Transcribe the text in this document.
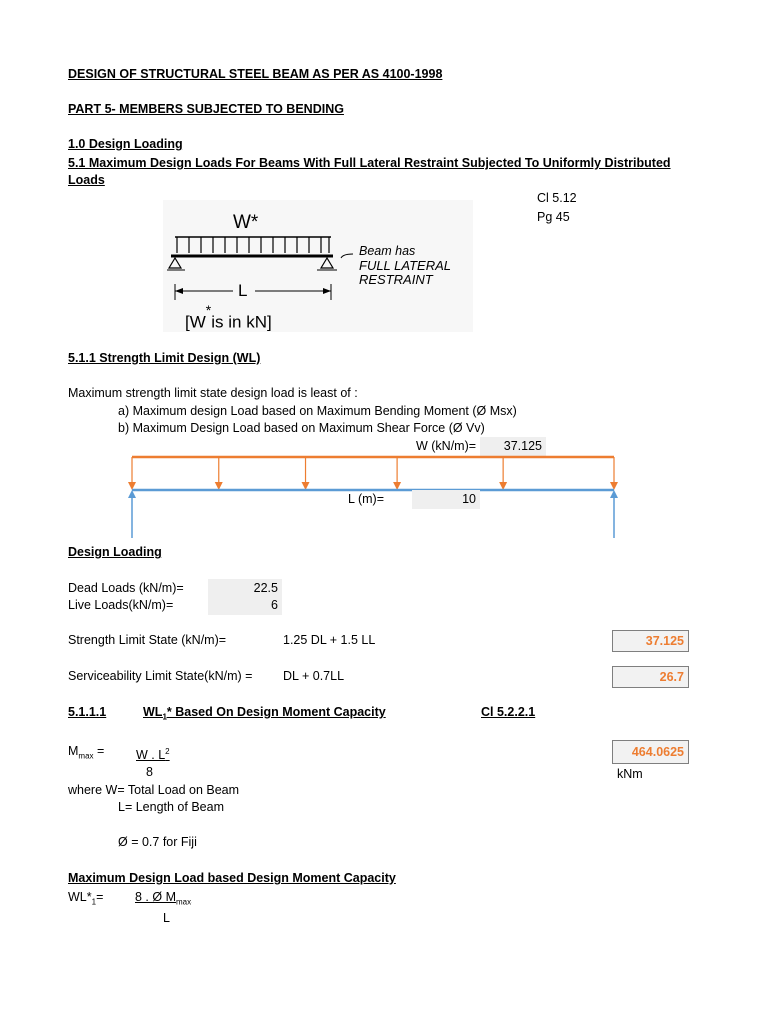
DESIGN OF STRUCTURAL STEEL BEAM AS PER AS 4100-1998
PART 5- MEMBERS SUBJECTED TO BENDING
1.0 Design Loading
5.1 Maximum Design Loads For Beams With Full Lateral Restraint Subjected To Uniformly Distributed
Loads
Cl 5.12
Pg 45
W*
Beam has
FULL LATERAL
RESTRAINT
L
[W*is in kN]
5.1.1 Strength Limit Design (WL)
Maximum strength limit state design load is least of :
a) Maximum design Load based on Maximum Bending Moment (Ø Msx)
b) Maximum Design Load based on Maximum Shear Force (Ø Vv)
W (kN/m)=	37.125
L (m)=	10
Design Loading
Dead Loads (kN/m)=	22.5
Live Loads(kN/m)=	6
Strength Limit State (kN/m)=	1.25 DL + 1.5 LL	37.125
Serviceability Limit State(kN/m) = DL + 0.7LL	26.7
5.1.1.1	$WL_1*$ Based On Design Moment Capacity	Cl 5.2.2.1
$M_{max}$ =	W . $L^2$
8
464.0625
kNm
where W= Total Load on Beam
L= Length of Beam
Ø = 0.7 for Fiji
Maximum Design Load based Design Moment Capacity
$WL*_1=$	8 . Ø $M_{max}$
L
